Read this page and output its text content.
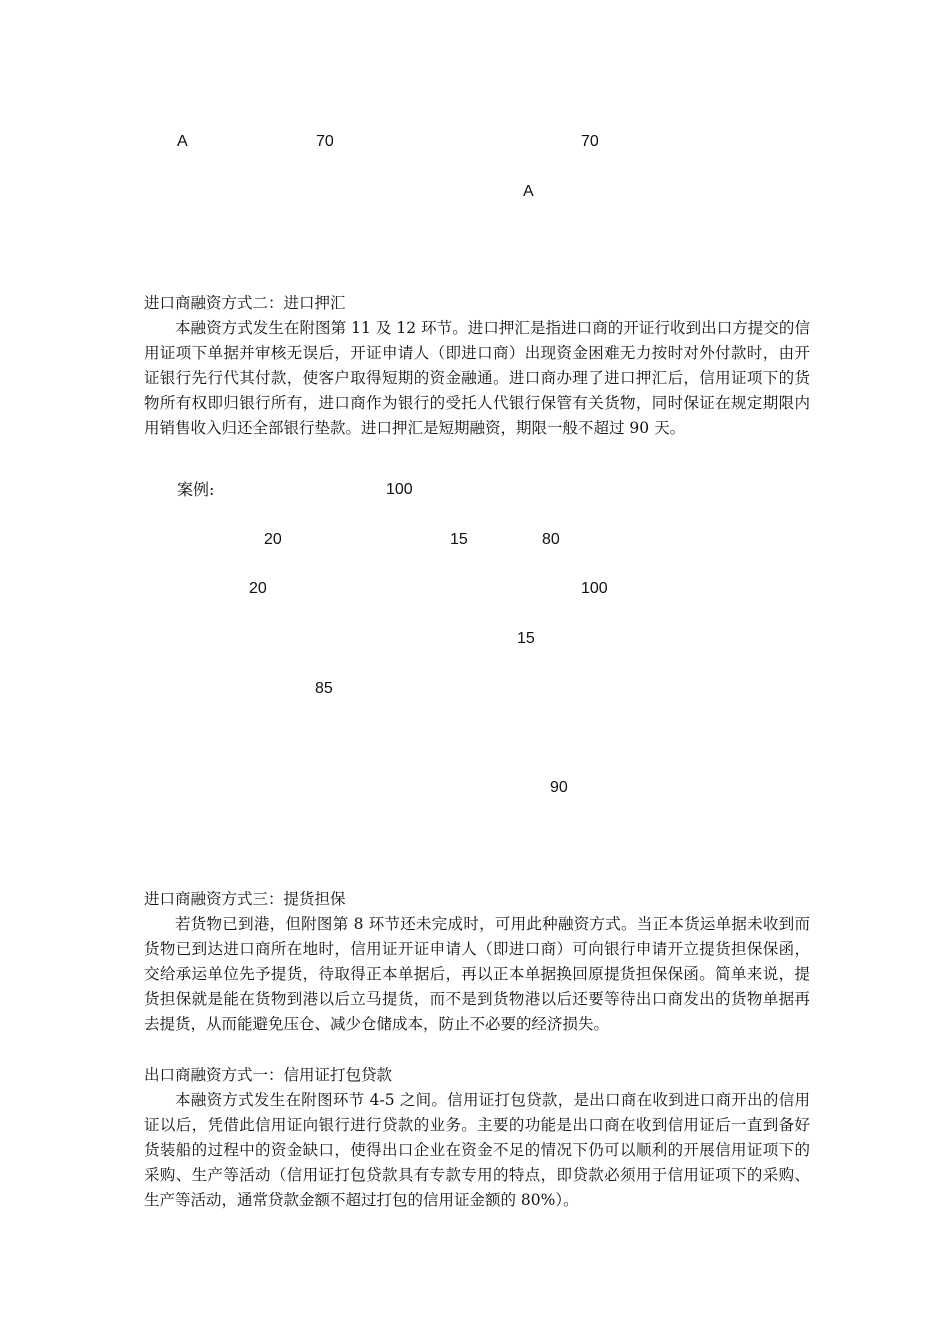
A	70	70
A
进口商融资方式二：进口押汇

本融资方式发生在附图第 11 及 12 环节。进口押汇是指进口商的开证行收到出口方提交的信用证项下单据并审核无误后，开证申请人（即进口商）出现资金困难无力按时对外付款时，由开证银行先行代其付款，使客户取得短期的资金融通。进口商办理了进口押汇后，信用证项下的货物所有权即归银行所有，进口商作为银行的受托人代银行保管有关货物，同时保证在规定期限内用销售收入归还全部银行垫款。进口押汇是短期融资，期限一般不超过 90 天。

案例:	100
20	15	80
20	100
15
85
90
进口商融资方式三：提货担保

若货物已到港，但附图第 8 环节还未完成时，可用此种融资方式。当正本货运单据未收到而货物已到达进口商所在地时，信用证开证申请人（即进口商）可向银行申请开立提货担保保函，交给承运单位先予提货，待取得正本单据后，再以正本单据换回原提货担保保函。简单来说，提货担保就是能在货物到港以后立马提货，而不是到货物港以后还要等待出口商发出的货物单据再去提货，从而能避免压仓、减少仓储成本，防止不必要的经济损失。

出口商融资方式一：信用证打包贷款

本融资方式发生在附图环节 4-5 之间。信用证打包贷款，是出口商在收到进口商开出的信用证以后，凭借此信用证向银行进行贷款的业务。主要的功能是出口商在收到信用证后一直到备好货装船的过程中的资金缺口，使得出口企业在资金不足的情况下仍可以顺利的开展信用证项下的采购、生产等活动（信用证打包贷款具有专款专用的特点，即贷款必须用于信用证项下的采购、生产等活动，通常贷款金额不超过打包的信用证金额的 80%）。
